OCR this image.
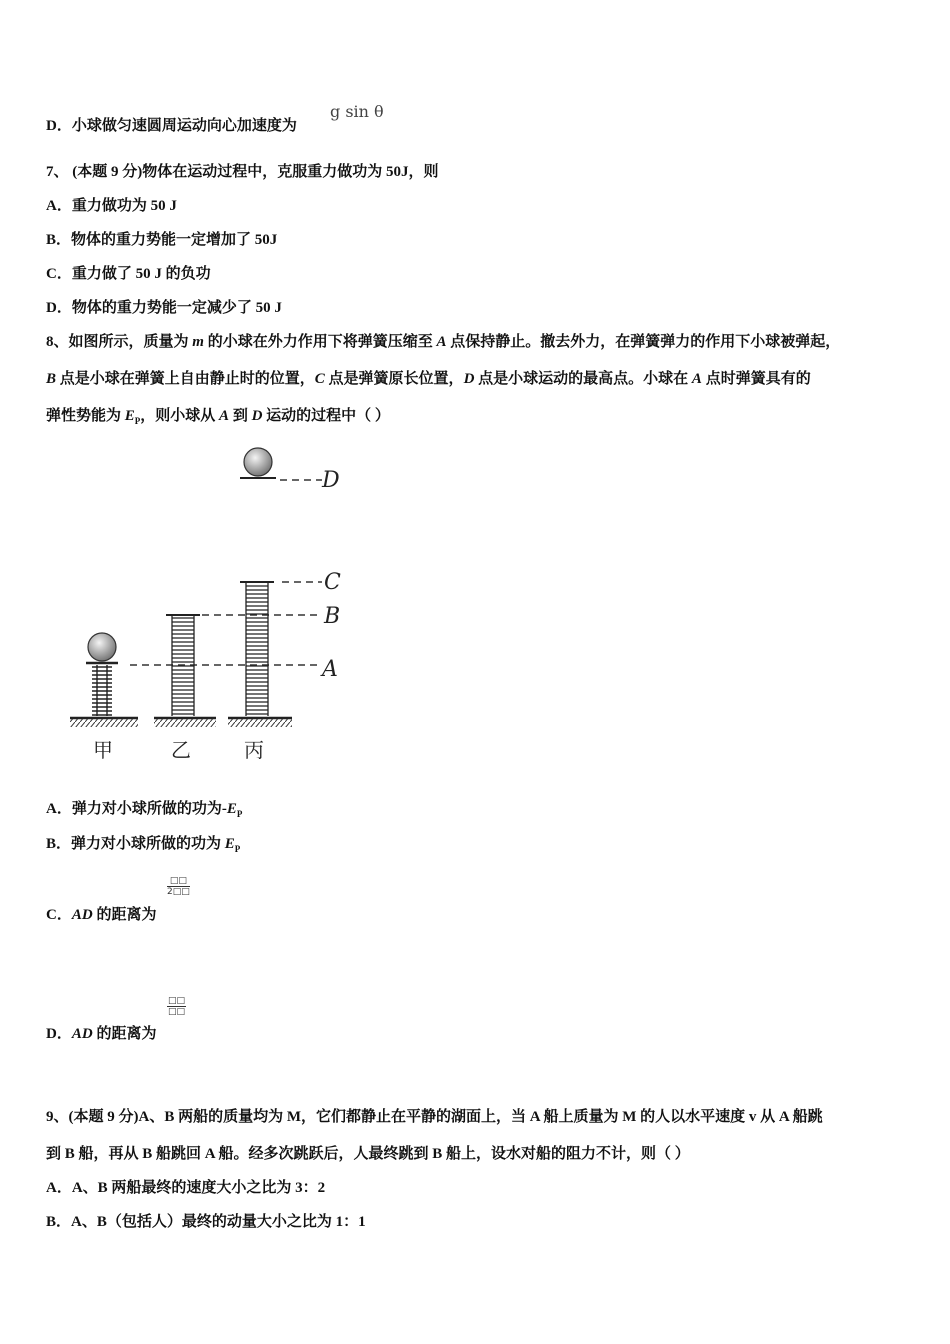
D．小球做匀速圆周运动向心加速度为
g sin θ
7、 (本题 9 分)物体在运动过程中，克服重力做功为 50J，则
A．重力做功为 50 J
B．物体的重力势能一定增加了 50J
C．重力做了 50 J 的负功
D．物体的重力势能一定减少了 50 J
8、如图所示，质量为 m 的小球在外力作用下将弹簧压缩至 A 点保持静止。撤去外力，在弹簧弹力的作用下小球被弹起，
B 点是小球在弹簧上自由静止时的位置，C 点是弹簧原长位置，D 点是小球运动的最高点。小球在 A 点时弹簧具有的
弹性势能为 $E_P$，则小球从 A 到 D 运动的过程中（ ）
D
C
B
A
甲	乙	丙
A．弹力对小球所做的功为$-E_P$
B．弹力对小球所做的功为 $E_P$
□□
2□□
C．AD 的距离为
□□
□□
D．AD 的距离为
9、(本题 9 分)A、B 两船的质量均为 M，它们都静止在平静的湖面上，当 A 船上质量为 M 的人以水平速度 v 从 A 船跳
到 B 船，再从 B 船跳回 A 船。经多次跳跃后，人最终跳到 B 船上，设水对船的阻力不计，则（ ）
A．A、B 两船最终的速度大小之比为 3：2
B．A、B（包括人）最终的动量大小之比为 1：1
